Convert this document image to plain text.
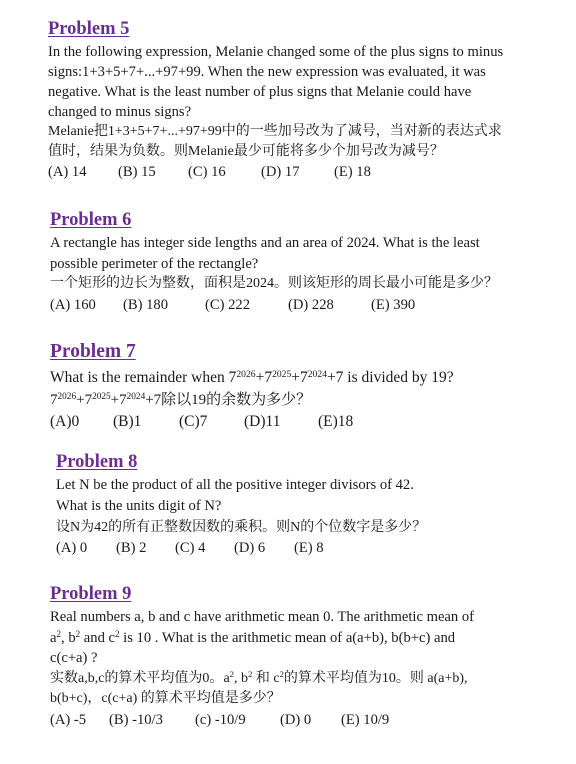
Problem 5
In the following expression, Melanie changed some of the plus signs to minus
signs:1+3+5+7+...+97+99. When the new expression was evaluated, it was
negative. What is the least number of plus signs that Melanie could have
changed to minus signs?
Melanie把1+3+5+7+...+97+99中的一些加号改为了减号，当对新的表达式求
值时，结果为负数。则Melanie最少可能将多少个加号改为减号？
(A) 14 (B) 15 (C) 16 (D) 17 (E) 18
Problem 6
A rectangle has integer side lengths and an area of 2024. What is the least
possible perimeter of the rectangle?
一个矩形的边长为整数，面积是2024。则该矩形的周长最小可能是多少？
(A) 160 (B) 180	(C) 222	(D) 228	(E) 390
Problem 7
What is the remainder when $7^{2026}+7^{2025}+7^{2024}+7$ is divided by 19?
$7^{2026}+7^{2025}+7^{2024}+7$除以19的余数为多少？
(A)0 (B)1 (C)7 (D)11 (E)18
Problem 8
Let N be the product of all the positive integer divisors of 42.
What is the units digit of N?
设N为42的所有正整数因数的乘积。则N的个位数字是多少？
(A) 0 (B) 2 (C) 4 (D) 6 (E) 8
Problem 9
Real numbers a, b and c have arithmetic mean 0. The arithmetic mean of
$a^2$, $b^2$ and $c^2$ is 10 . What is the arithmetic mean of a(a+b), b(b+c) and
c(c+a) ?
实数a,b,c的算术平均值为0。$a^2$, $b^2$ 和 $c^2$的算术平均值为10。则 a(a+b),
b(b+c)，c(c+a) 的算术平均值是多少？
(A) -5 (B) -10/3 (c) -10/9 (D) 0 (E) 10/9
